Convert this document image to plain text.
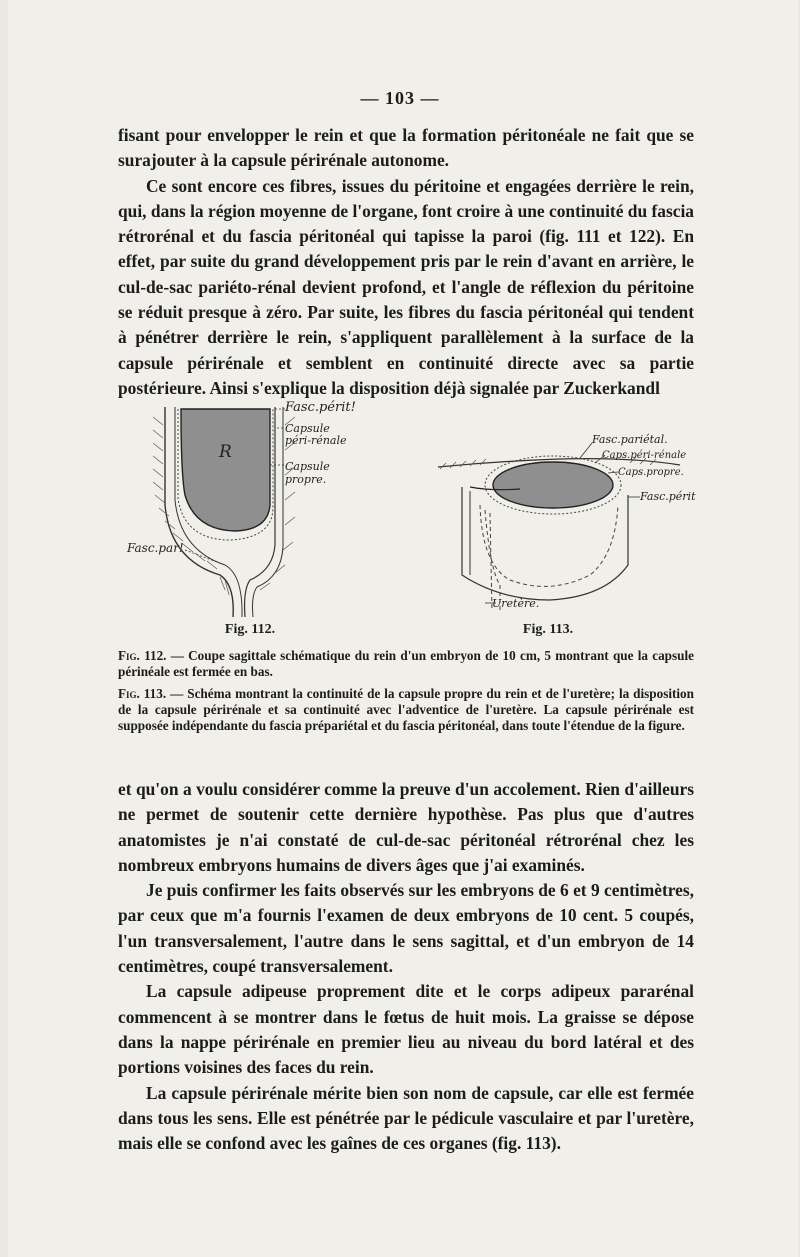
— 103 —

fisant pour envelopper le rein et que la formation péritonéale ne fait que se surajouter à la capsule périrénale autonome.

Ce sont encore ces fibres, issues du péritoine et engagées derrière le rein, qui, dans la région moyenne de l'organe, font croire à une continuité du fascia rétrorénal et du fascia péritonéal qui tapisse la paroi (fig. 111 et 122). En effet, par suite du grand développement pris par le rein d'avant en arrière, le cul-de-sac pariéto-rénal devient profond, et l'angle de réflexion du péritoine se réduit presque à zéro. Par suite, les fibres du fascia péritonéal qui tendent à pénétrer derrière le rein, s'appliquent parallèlement à la surface de la capsule périrénale et semblent en continuité directe avec sa partie postérieure. Ainsi s'explique la disposition déjà signalée par Zuckerkandl

R
Fasc.périt!
Capsule
péri-rénale
Capsule
propre.
Fasc.par!
Fig. 112.
Fasc.pariétal.
Caps.péri-rénale
Caps.propre.
Fasc.périt
Uretère.
Fig. 113.
Fig. 112. — Coupe sagittale schématique du rein d'un embryon de 10 cm, 5 montrant que la capsule périnéale est fermée en bas.
Fig. 113. — Schéma montrant la continuité de la capsule propre du rein et de l'uretère; la disposition de la capsule périrénale et sa continuité avec l'adventice de l'uretère. La capsule périrénale est supposée indépendante du fascia prépariétal et du fascia péritonéal, dans toute l'étendue de la figure.

et qu'on a voulu considérer comme la preuve d'un accolement. Rien d'ailleurs ne permet de soutenir cette dernière hypothèse. Pas plus que d'autres anatomistes je n'ai constaté de cul-de-sac péritonéal rétrorénal chez les nombreux embryons humains de divers âges que j'ai examinés.

Je puis confirmer les faits observés sur les embryons de 6 et 9 centimètres, par ceux que m'a fournis l'examen de deux embryons de 10 cent. 5 coupés, l'un transversalement, l'autre dans le sens sagittal, et d'un embryon de 14 centimètres, coupé transversalement.

La capsule adipeuse proprement dite et le corps adipeux pararénal commencent à se montrer dans le fœtus de huit mois. La graisse se dépose dans la nappe périrénale en premier lieu au niveau du bord latéral et des portions voisines des faces du rein.

La capsule périrénale mérite bien son nom de capsule, car elle est fermée dans tous les sens. Elle est pénétrée par le pédicule vasculaire et par l'uretère, mais elle se confond avec les gaînes de ces organes (fig. 113).
